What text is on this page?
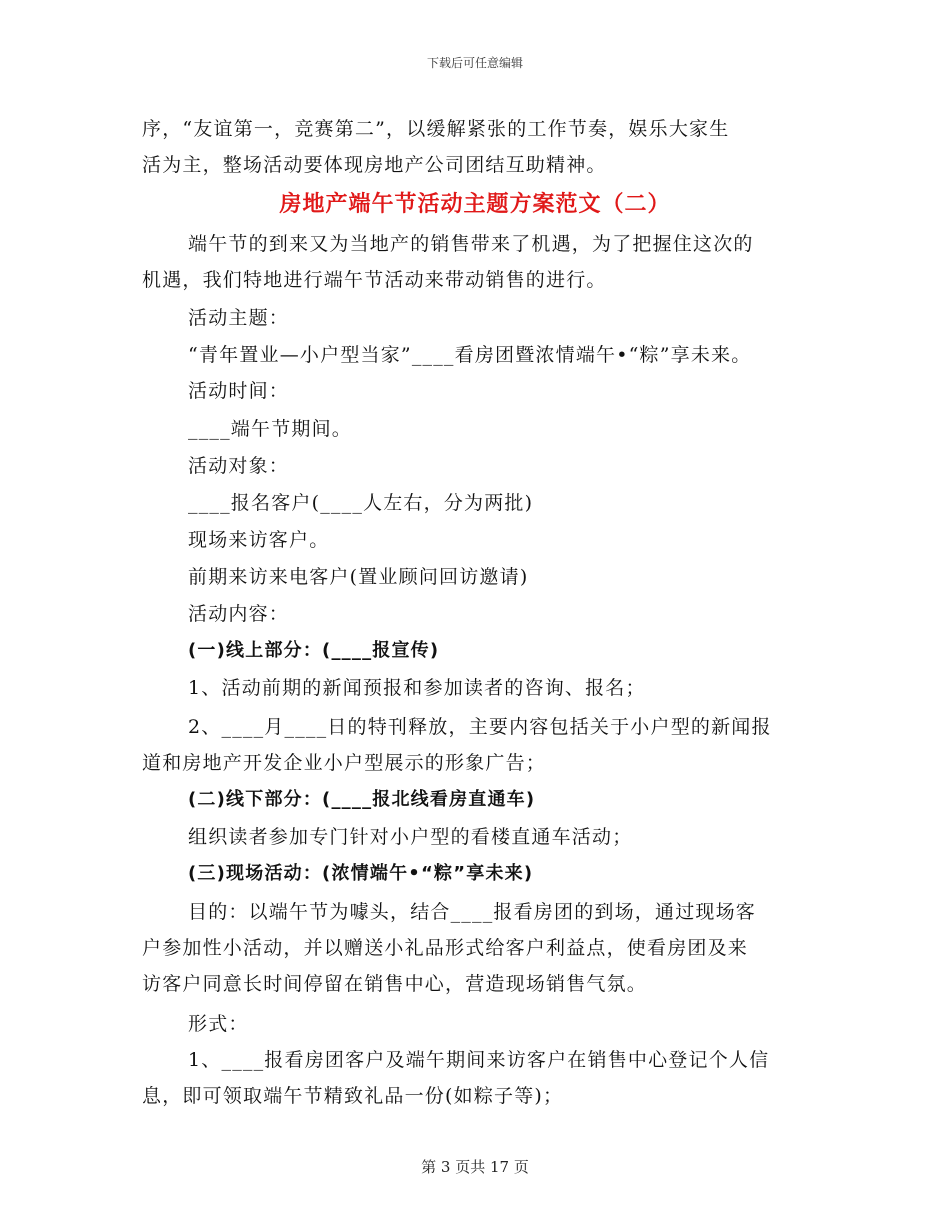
下载后可任意编辑
序，“友谊第一，竞赛第二”，以缓解紧张的工作节奏，娱乐大家生
活为主，整场活动要体现房地产公司团结互助精神。
房地产端午节活动主题方案范文（二）
端午节的到来又为当地产的销售带来了机遇，为了把握住这次的
机遇，我们特地进行端午节活动来带动销售的进行。
活动主题：
“青年置业—小户型当家”____看房团暨浓情端午•“粽”享未来。
活动时间：
____端午节期间。
活动对象：
____报名客户(____人左右，分为两批)
现场来访客户。
前期来访来电客户(置业顾问回访邀请)
活动内容：
(一)线上部分：(____报宣传)
1、活动前期的新闻预报和参加读者的咨询、报名；
2、____月____日的特刊释放，主要内容包括关于小户型的新闻报
道和房地产开发企业小户型展示的形象广告；
(二)线下部分：(____报北线看房直通车)
组织读者参加专门针对小户型的看楼直通车活动；
(三)现场活动：(浓情端午•“粽”享未来)
目的：以端午节为噱头，结合____报看房团的到场，通过现场客
户参加性小活动，并以赠送小礼品形式给客户利益点，使看房团及来
访客户同意长时间停留在销售中心，营造现场销售气氛。
形式：
1、____报看房团客户及端午期间来访客户在销售中心登记个人信
息，即可领取端午节精致礼品一份(如粽子等)；
第 3 页共 17 页
